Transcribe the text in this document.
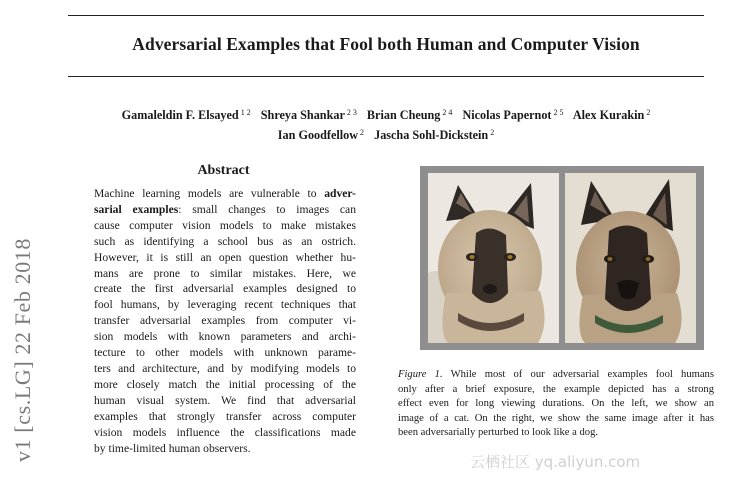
Adversarial Examples that Fool both Human and Computer Vision
Gamaleldin F. Elsayed $^{1 2}$ Shreya Shankar $^{2 3}$ Brian Cheung $^{2 4}$ Nicolas Papernot $^{2 5}$ Alex Kurakin $^2$
Ian Goodfellow $^2$ Jascha Sohl-Dickstein $^2$
v1 [cs.LG] 22 Feb 2018
Abstract
Machine learning models are vulnerable to adver-
sarial examples: small changes to images can
cause computer vision models to make mistakes
such as identifying a school bus as an ostrich.
However, it is still an open question whether hu-
mans are prone to similar mistakes. Here, we
create the first adversarial examples designed to
fool humans, by leveraging recent techniques that
transfer adversarial examples from computer vi-
sion models with known parameters and archi-
tecture to other models with unknown parame-
ters and architecture, and by modifying models to
more closely match the initial processing of the
human visual system. We find that adversarial
examples that strongly transfer across computer
vision models influence the classifications made
by time-limited human observers.
Figure 1. While most of our adversarial examples fool humans
only after a brief exposure, the example depicted has a strong
effect even for long viewing durations. On the left, we show an
image of a cat. On the right, we show the same image after it has
been adversarially perturbed to look like a dog.
云栖社区 yq.aliyun.com
